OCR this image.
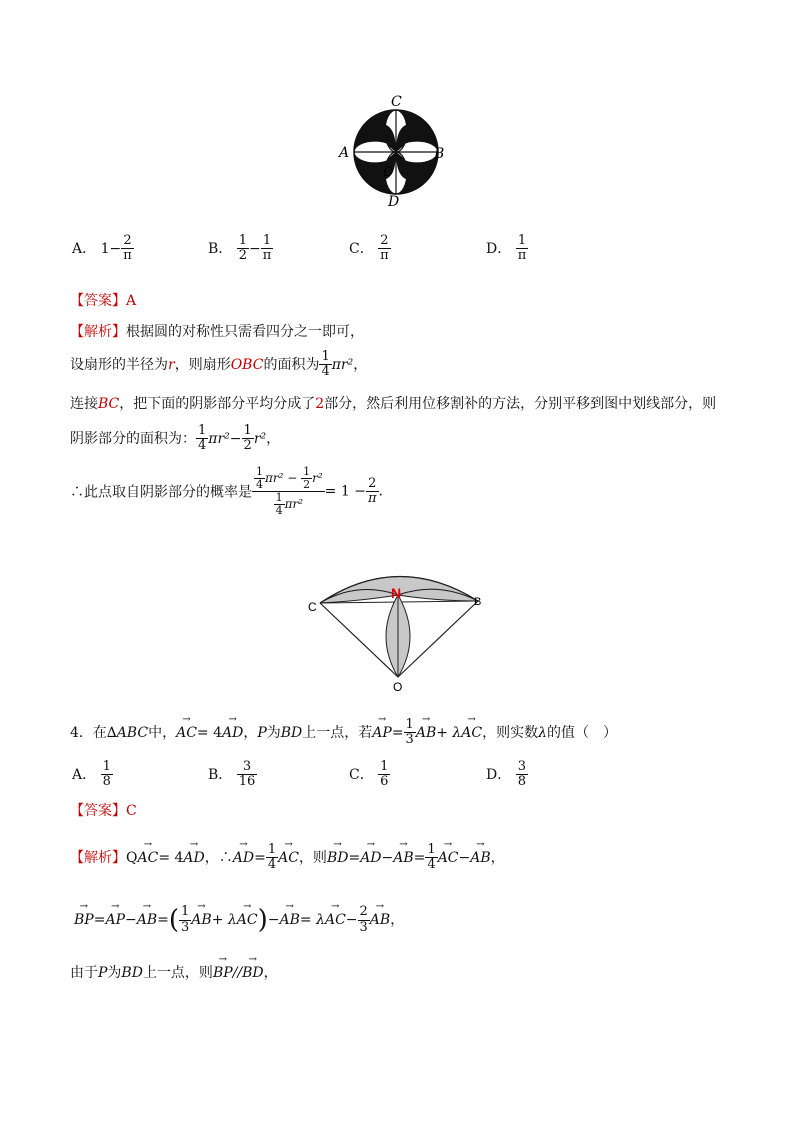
C
A	B
O
D
A． $1- \frac{2}{\pi}$	B． $\frac{1}{2} - \frac{1}{\pi}$	C． $\frac{2}{\pi}$	D． $\frac{1}{\pi}$
【答案】A
【解析】根据圆的对称性只需看四分之一即可，
设扇形的半径为r，则扇形OBC的面积为 $\frac{1}{4} \pi r^2$，
连接BC，把下面的阴影部分平均分成了2部分，然后利用位移割补的方法，分别平移到图中划线部分，则
阴影部分的面积为： $\frac{1}{4} \pi r^2- \frac{1}{2} r^2$，
∴此点取自阴影部分的概率是 $\frac{\frac{1}{4} \pi r^2 - \frac{1}{2} r^2}{\frac{1}{4} \pi r^2} = 1 - \frac{2}{\pi}$ .
C
N
B
O
4．在∆ABC中，→ AC= 4→ AD，P为BD上一点，若→ $AP= \frac{1}{3}$
→ AB+ λ→ AC，则实数λ的值（　）
A． $\frac{1}{8}$	B． $\frac{3}{16}$	C． $\frac{1}{6}$	D． $\frac{3}{8}$
【答案】C
【解析】Q→ AC= 4→ AD，∴→ $AD= \frac{1}{4}$
→ AC，则→ $BD=\to AD-\to AB= \frac{1}{4}$
→ AC−→ AB，
→ $BP=\to AP-\to AB=( \frac{1}{3}$
→ $AB+ \lambda\to AC)-\to AB= \lambda\to AC- \frac{2}{3}$
→ AB，
由于P为BD上一点，则→ BP//→ BD，
